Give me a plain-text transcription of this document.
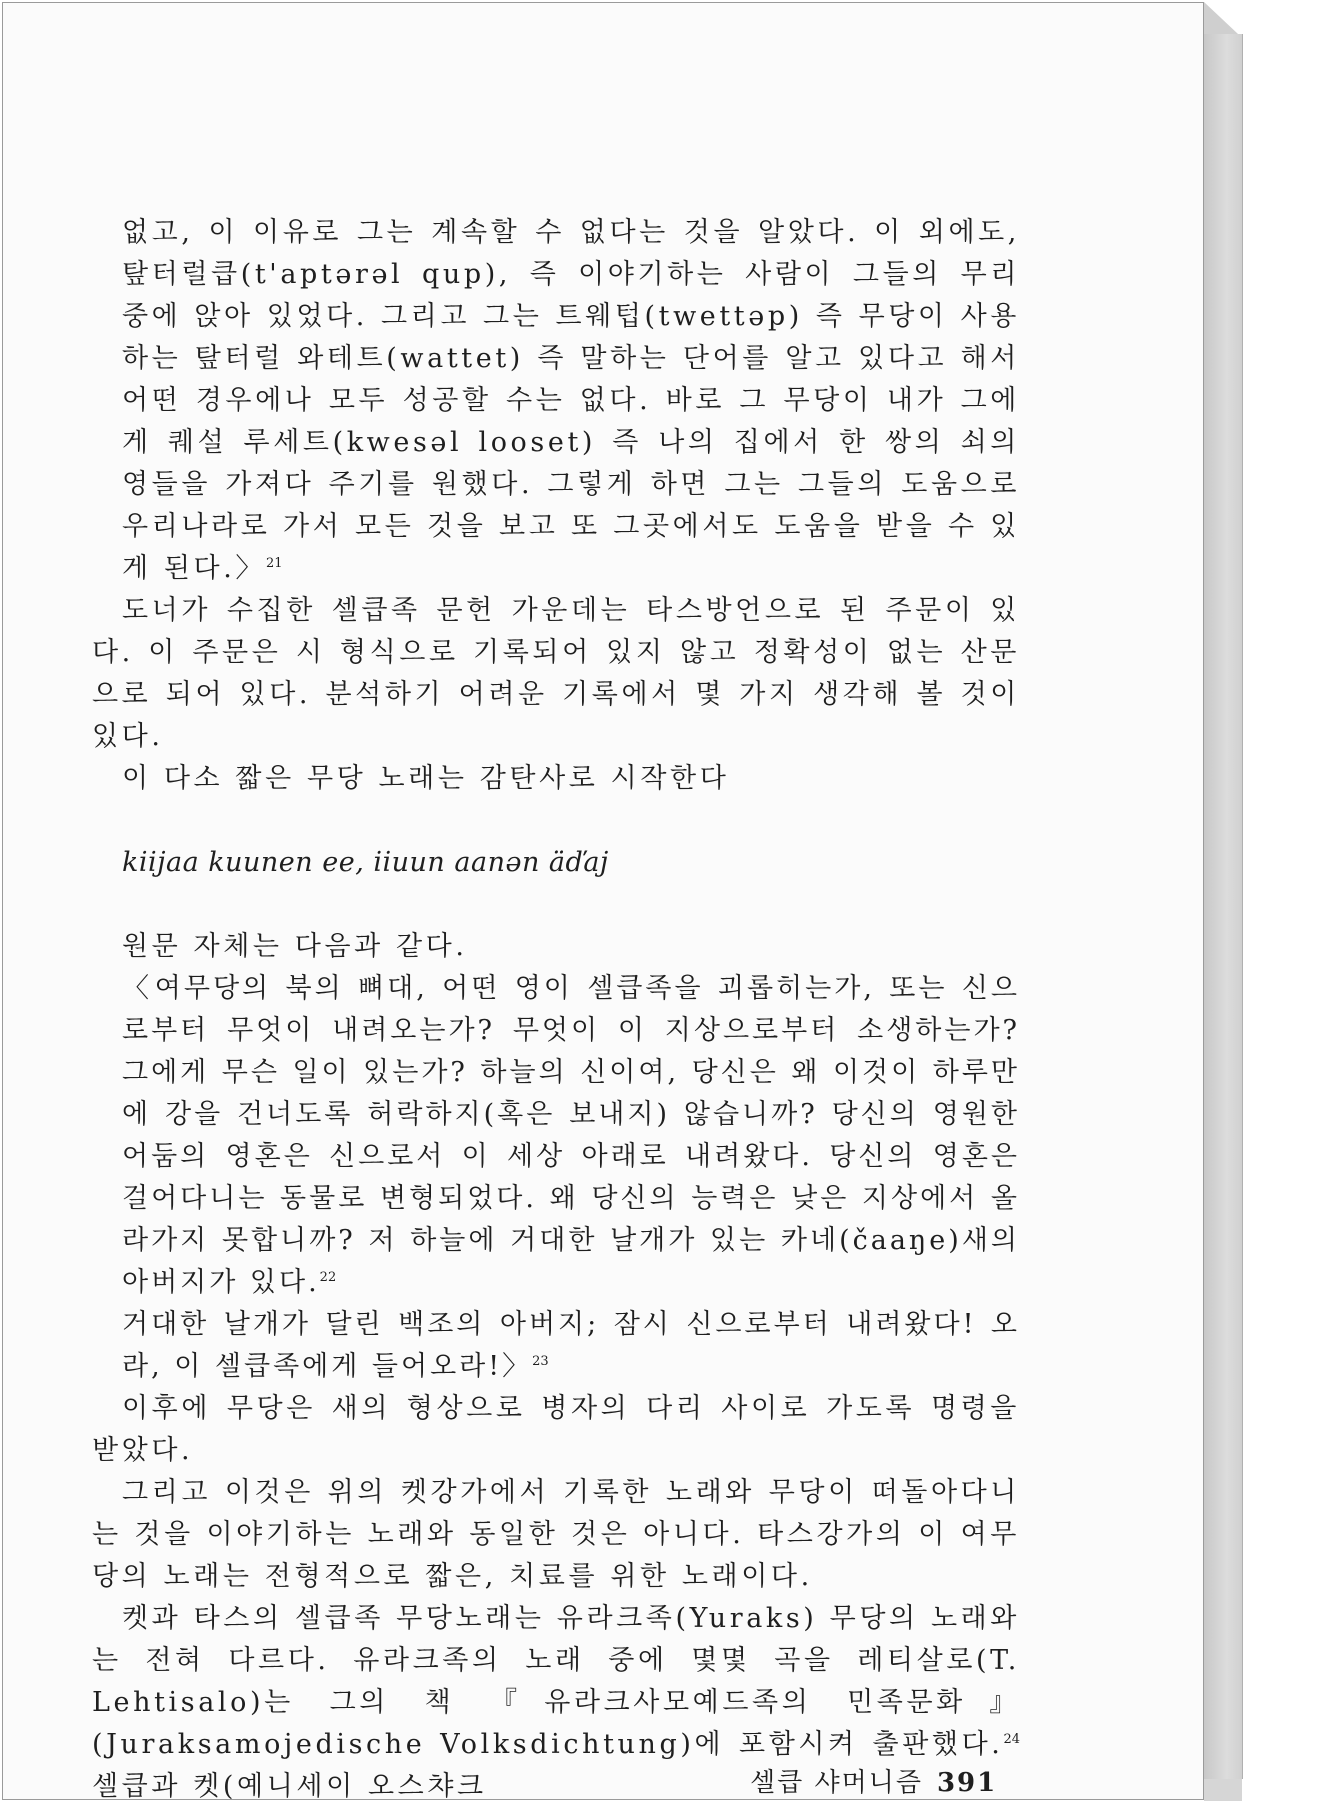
없고, 이 이유로 그는 계속할 수 없다는 것을 알았다. 이 외에도, 탚터럴큽(t'aptərəl qup), 즉 이야기하는 사람이 그들의 무리 중에 앉아 있었다. 그리고 그는 트웨텁(twettəp) 즉 무당이 사용하는 탚터럴 와테트(wattet) 즉 말하는 단어를 알고 있다고 해서 어떤 경우에나 모두 성공할 수는 없다. 바로 그 무당이 내가 그에게 퀘설 루세트(kwesəl looset) 즉 나의 집에서 한 쌍의 쇠의 영들을 가져다 주기를 원했다. 그렇게 하면 그는 그들의 도움으로 우리나라로 가서 모든 것을 보고 또 그곳에서도 도움을 받을 수 있게 된다.〉$^{21}$

도너가 수집한 셀큽족 문헌 가운데는 타스방언으로 된 주문이 있다. 이 주문은 시 형식으로 기록되어 있지 않고 정확성이 없는 산문으로 되어 있다. 분석하기 어려운 기록에서 몇 가지 생각해 볼 것이 있다.

이 다소 짧은 무당 노래는 감탄사로 시작한다

kiijaa kuunen ee, iiuun aanən äďaj

원문 자체는 다음과 같다.

〈여무당의 북의 뼈대, 어떤 영이 셀큽족을 괴롭히는가, 또는 신으로부터 무엇이 내려오는가? 무엇이 이 지상으로부터 소생하는가? 그에게 무슨 일이 있는가? 하늘의 신이여, 당신은 왜 이것이 하루만에 강을 건너도록 허락하지(혹은 보내지) 않습니까? 당신의 영원한 어둠의 영혼은 신으로서 이 세상 아래로 내려왔다. 당신의 영혼은 걸어다니는 동물로 변형되었다. 왜 당신의 능력은 낮은 지상에서 올라가지 못합니까? 저 하늘에 거대한 날개가 있는 카네(čaaŋe)새의 아버지가 있다.$^{22}$

거대한 날개가 달린 백조의 아버지; 잠시 신으로부터 내려왔다! 오라, 이 셀큽족에게 들어오라!〉$^{23}$

이후에 무당은 새의 형상으로 병자의 다리 사이로 가도록 명령을 받았다.

그리고 이것은 위의 켓강가에서 기록한 노래와 무당이 떠돌아다니는 것을 이야기하는 노래와 동일한 것은 아니다. 타스강가의 이 여무당의 노래는 전형적으로 짧은, 치료를 위한 노래이다.

켓과 타스의 셀큽족 무당노래는 유라크족(Yuraks) 무당의 노래와는 전혀 다르다. 유라크족의 노래 중에 몇몇 곡을 레티살로(T. Lehtisalo)는 그의 책 『유라크사모예드족의 민족문화』(Juraksamojedische Volksdichtung)에 포함시켜 출판했다.$^{24}$ 셀큽과 켓(예니세이 오스챠크	셀큽 샤머니즘 391
